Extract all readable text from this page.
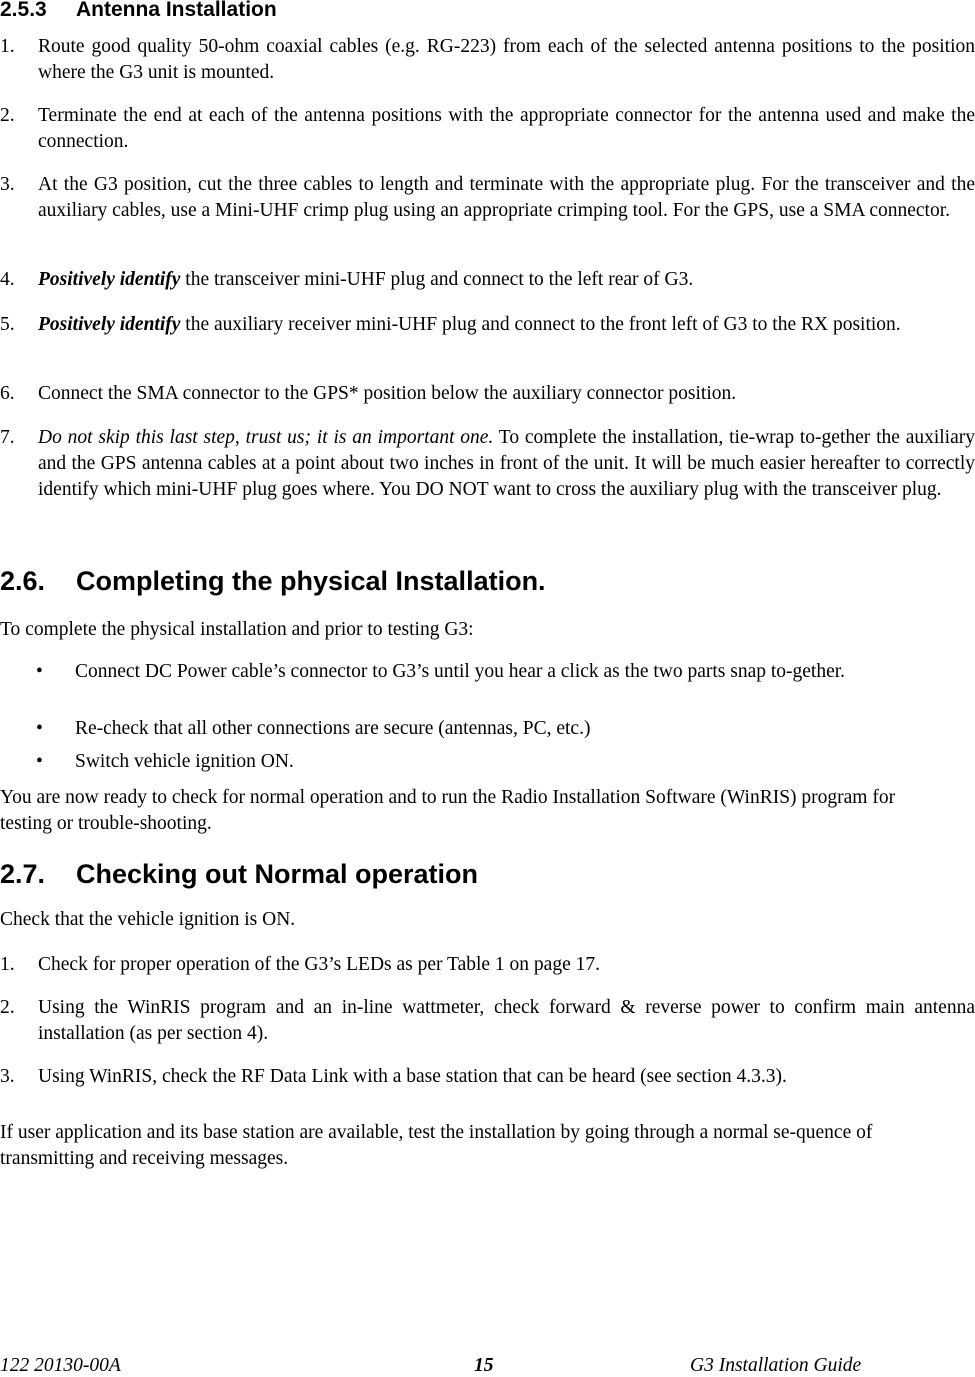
2.5.3 Antenna Installation
1. Route good quality 50-ohm coaxial cables (e.g. RG-223) from each of the selected antenna positions to the position where the G3 unit is mounted.
2. Terminate the end at each of the antenna positions with the appropriate connector for the antenna used and make the connection.
3. At the G3 position, cut the three cables to length and terminate with the appropriate plug. For the transceiver and the auxiliary cables, use a Mini-UHF crimp plug using an appropriate crimping tool. For the GPS, use a SMA connector.
4. Positively identify the transceiver mini-UHF plug and connect to the left rear of G3.
5. Positively identify the auxiliary receiver mini-UHF plug and connect to the front left of G3 to the RX position.
6. Connect the SMA connector to the GPS* position below the auxiliary connector position.
7. Do not skip this last step, trust us; it is an important one. To complete the installation, tie-wrap to-gether the auxiliary and the GPS antenna cables at a point about two inches in front of the unit. It will be much easier hereafter to correctly identify which mini-UHF plug goes where. You DO NOT want to cross the auxiliary plug with the transceiver plug.
2.6. Completing the physical Installation.
To complete the physical installation and prior to testing G3:
• Connect DC Power cable’s connector to G3’s until you hear a click as the two parts snap to-gether.
• Re-check that all other connections are secure (antennas, PC, etc.)
• Switch vehicle ignition ON.
You are now ready to check for normal operation and to run the Radio Installation Software (WinRIS) program for testing or trouble-shooting.
2.7. Checking out Normal operation
Check that the vehicle ignition is ON.
1. Check for proper operation of the G3’s LEDs as per Table 1 on page 17.
2. Using the WinRIS program and an in-line wattmeter, check forward & reverse power to confirm main antenna installation (as per section 4).
3. Using WinRIS, check the RF Data Link with a base station that can be heard (see section 4.3.3).
If user application and its base station are available, test the installation by going through a normal se-quence of transmitting and receiving messages.
122 20130-00A	15	G3 Installation Guide
